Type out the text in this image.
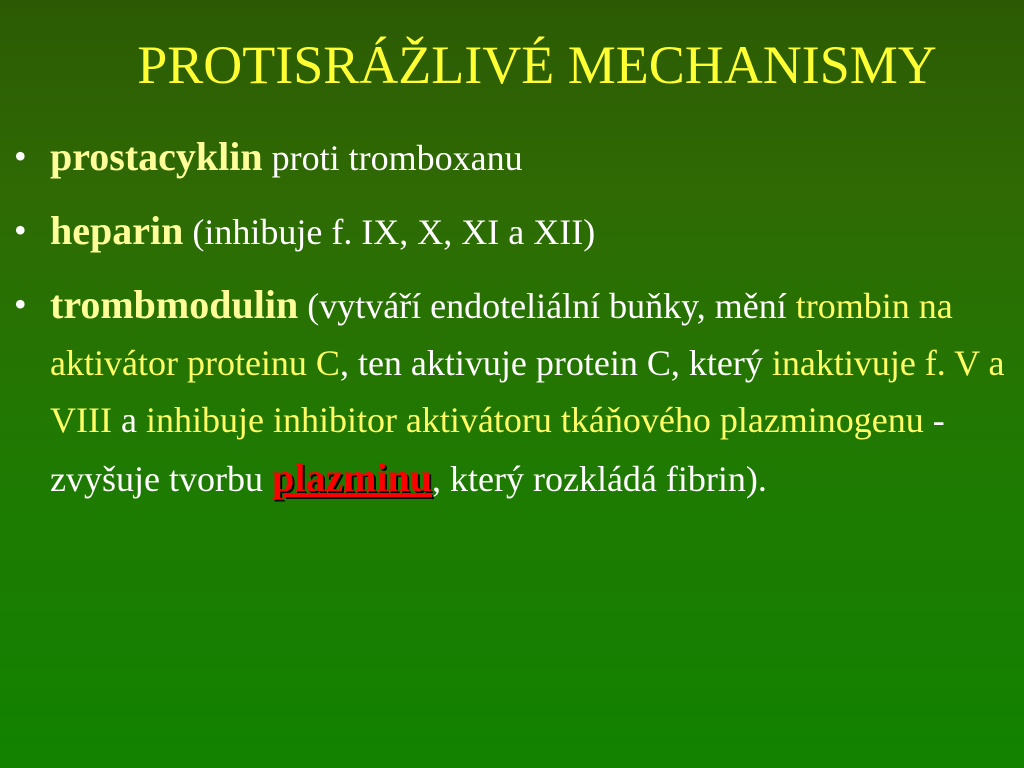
PROTISRÁŽLIVÉ MECHANISMY
• prostacyklin proti tromboxanu
• heparin (inhibuje f. IX, X, XI a XII)
• trombmodulin (vytváří endoteliální buňky, mění trombin na aktivátor proteinu C, ten aktivuje protein C, který inaktivuje f. V a VIII a inhibuje inhibitor aktivátoru tkáňového plazminogenu - zvyšuje tvorbu plazminu, který rozkládá fibrin).
